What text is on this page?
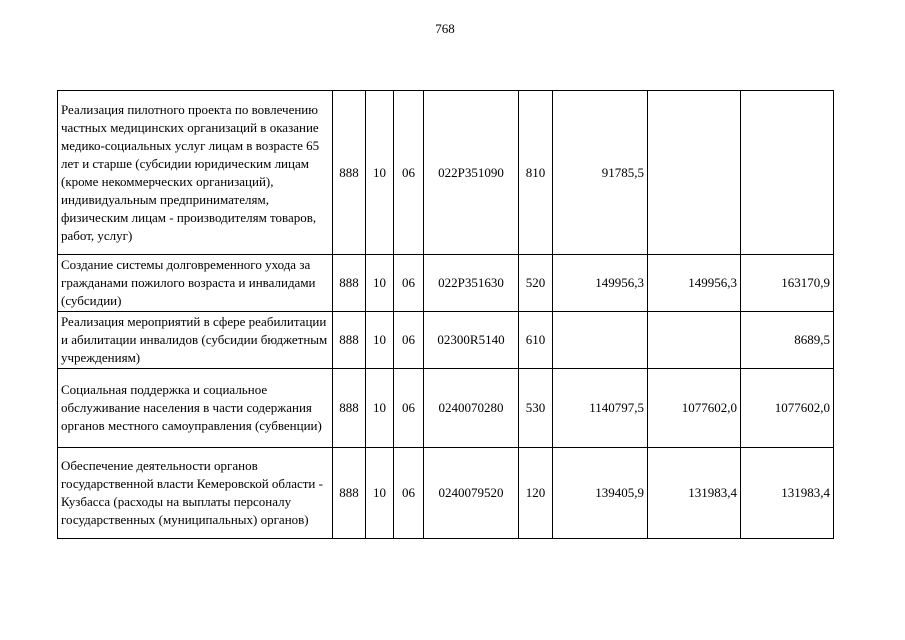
768
Реализация пилотного проекта по вовлечению частных медицинских организаций в оказание медико-социальных услуг лицам в возрасте 65 лет и старше (субсидии юридическим лицам (кроме некоммерческих организаций), индивидуальным предпринимателям, физическим лицам - производителям товаров, работ, услуг)	888	10	06	022P351090	810	91785,5		
Создание системы долговременного ухода за гражданами пожилого возраста и инвалидами (субсидии)	888	10	06	022P351630	520	149956,3	149956,3	163170,9
Реализация мероприятий в сфере реабилитации и абилитации инвалидов (субсидии бюджетным учреждениям)	888	10	06	02300R5140	610			8689,5
Социальная поддержка и социальное обслуживание населения в части содержания органов местного самоуправления (субвенции)	888	10	06	0240070280	530	1140797,5	1077602,0	1077602,0
Обеспечение деятельности органов государственной власти Кемеровской области - Кузбасса (расходы на выплаты персоналу государственных (муниципальных) органов)	888	10	06	0240079520	120	139405,9	131983,4	131983,4
